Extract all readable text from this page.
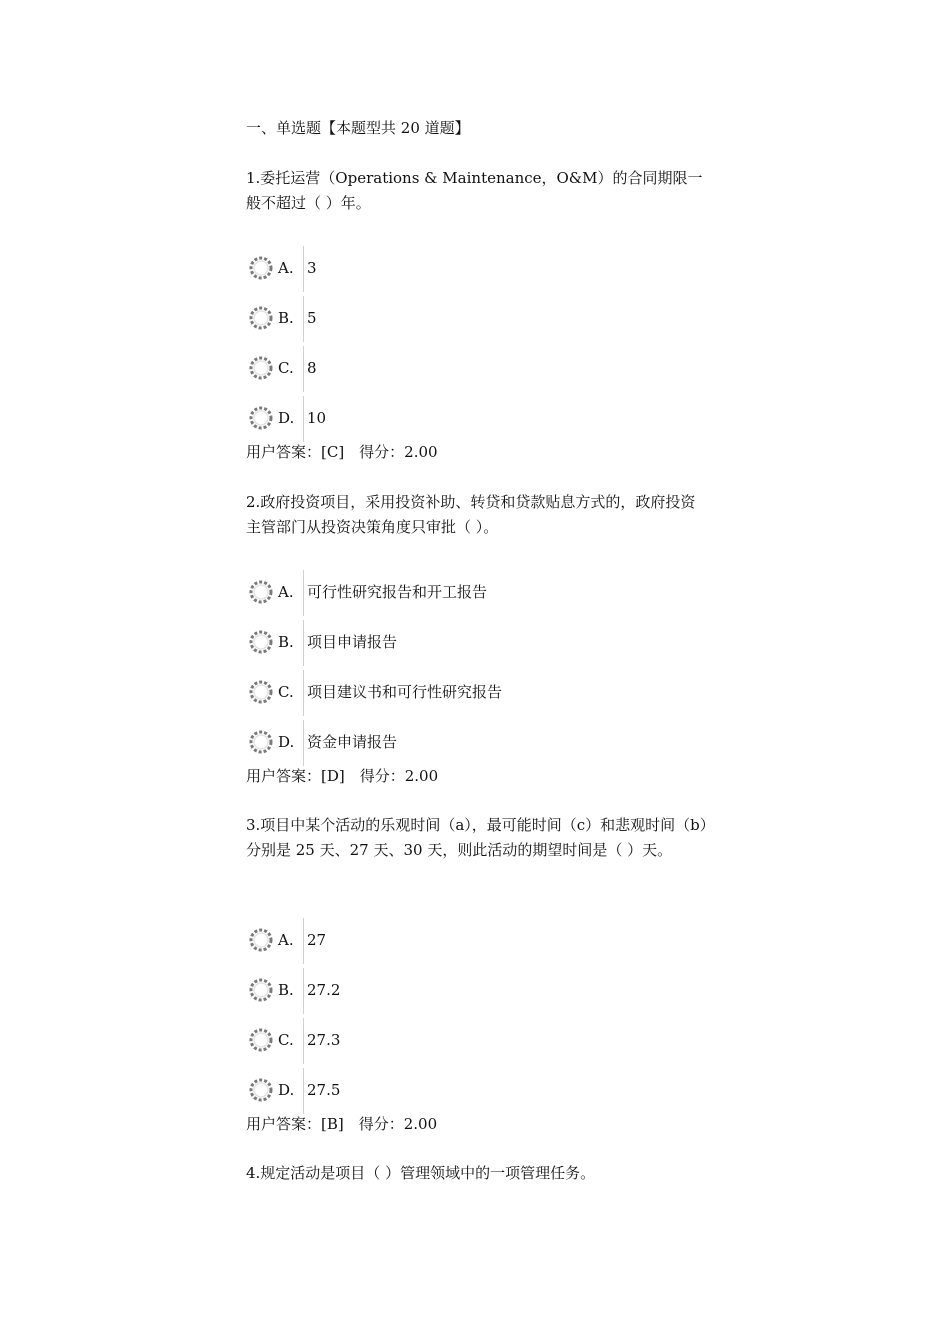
一、单选题【本题型共 20 道题】
1.委托运营（Operations & Maintenance，O&M）的合同期限一般不超过（ ）年。
A. 3
B. 5
C. 8
D. 10
用户答案：[C]　得分：2.00
2.政府投资项目，采用投资补助、转贷和贷款贴息方式的，政府投资主管部门从投资决策角度只审批（ ）。
A. 可行性研究报告和开工报告
B. 项目申请报告
C. 项目建议书和可行性研究报告
D. 资金申请报告
用户答案：[D]　得分：2.00
3.项目中某个活动的乐观时间（a），最可能时间（c）和悲观时间（b）分别是 25 天、27 天、30 天，则此活动的期望时间是（ ）天。
A. 27
B. 27.2
C. 27.3
D. 27.5
用户答案：[B]　得分：2.00
4.规定活动是项目（ ）管理领域中的一项管理任务。
